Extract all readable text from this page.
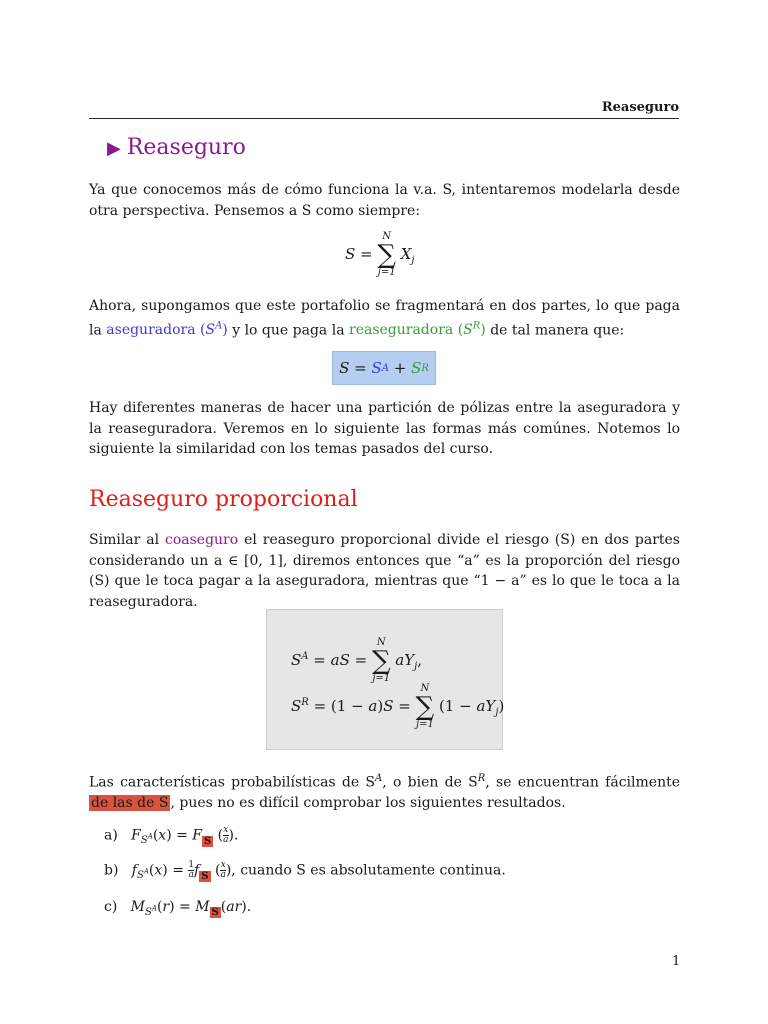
Reaseguro
▶ Reaseguro
Ya que conocemos más de cómo funciona la v.a. S, intentaremos modelarla desde otra perspectiva. Pensemos a S como siempre:
S =
N
∑
j=1
$X_j$
Ahora, supongamos que este portafolio se fragmentará en dos partes, lo que paga la aseguradora $(S^A)$ y lo que paga la reaseguradora $(S^R)$ de tal manera que:
S = S A + S R
Hay diferentes maneras de hacer una partición de pólizas entre la aseguradora y la reaseguradora. Veremos en lo siguiente las formas más comúnes. Notemos lo siguiente la similaridad con los temas pasados del curso.
Reaseguro proporcional
Similar al coaseguro el reaseguro proporcional divide el riesgo (S) en dos partes considerando un a ∈ [0, 1], diremos entonces que “a” es la proporción del riesgo (S) que le toca pagar a la aseguradora, mientras que “1 − a” es lo que le toca a la reaseguradora.
$S^A$ = aS =
N
∑
j=1
$aY_j$,
$S^R = (1 - a)S$ =
N
∑
j=1
$(1 - aY_j)$
Las características probabilísticas de $S^A$, o bien de $S^R$, se encuentran fácilmente de las de S , pues no es difícil comprobar los siguientes resultados.
a) $F_{S^A}(x) = F$ S ( $\frac{x}{a}$ ).
b) $f_{S^A}(x) = \frac{1}{a}$ f S ( $\frac{x}{a}$ ), cuando S es absolutamente continua.
c) $M_{S^A}(r) = M$ S (ar).
1
